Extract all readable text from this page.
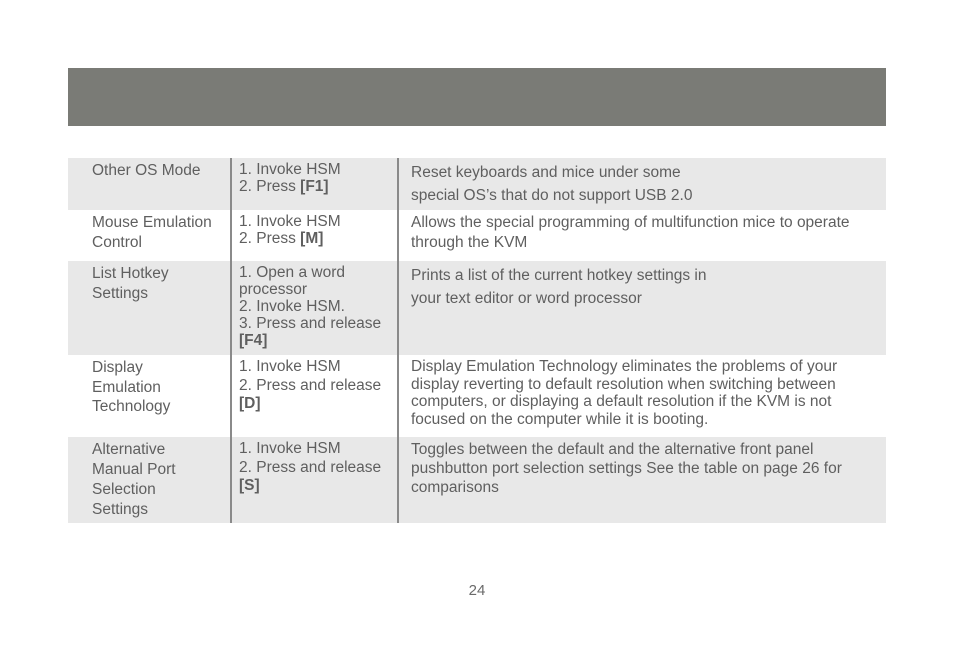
Other OS Mode	1. Invoke HSM
2. Press [F1]
Reset keyboards and mice under some
special OS’s that do not support USB 2.0
Mouse Emulation
Control
1. Invoke HSM
2. Press [M]
Allows the special programming of multifunction mice to operate
through the KVM
List Hotkey
Settings
1. Open a word
processor
2. Invoke HSM.
3. Press and release
[F4]
Prints a list of the current hotkey settings in
your text editor or word processor
Display
Emulation
Technology
1. Invoke HSM
2. Press and release
[D]
Display Emulation Technology eliminates the problems of your
display reverting to default resolution when switching between
computers, or displaying a default resolution if the KVM is not
focused on the computer while it is booting.
Alternative
Manual Port
Selection
Settings
1. Invoke HSM
2. Press and release
[S]
Toggles between the default and the alternative front panel
pushbutton port selection settings See the table on page 26 for
comparisons
24
